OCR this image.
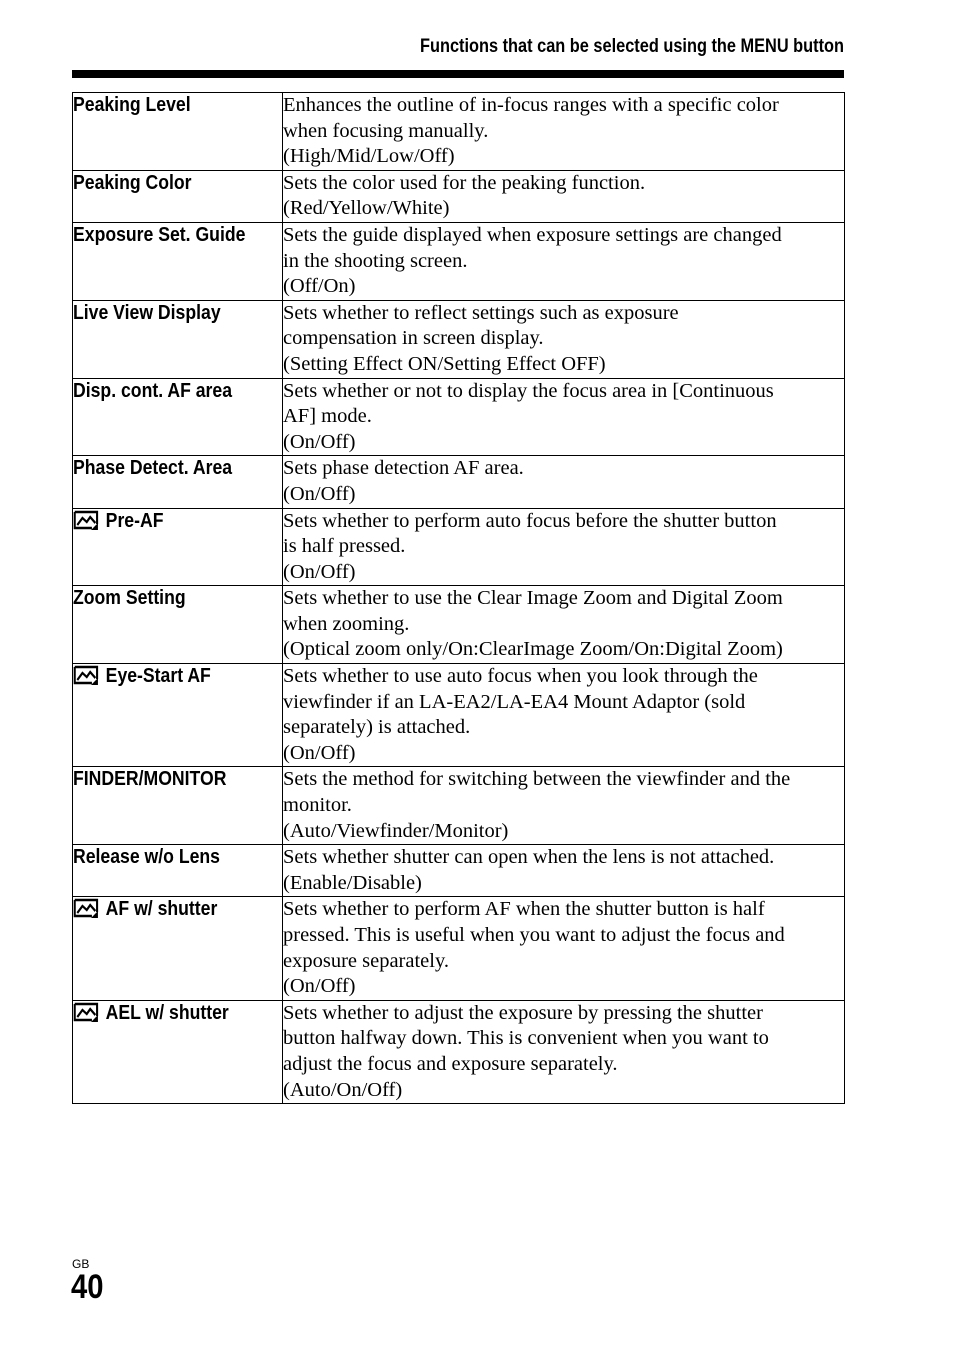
Functions that can be selected using the MENU button
Peaking Level	Enhances the outline of in-focus ranges with a specific color
when focusing manually.
(High/Mid/Low/Off)

Peaking Color	Sets the color used for the peaking function.
(Red/Yellow/White)

Exposure Set. Guide	Sets the guide displayed when exposure settings are changed
in the shooting screen.
(Off/On)

Live View Display	Sets whether to reflect settings such as exposure
compensation in screen display.
(Setting Effect ON/Setting Effect OFF)

Disp. cont. AF area	Sets whether or not to display the focus area in [Continuous
AF] mode.
(On/Off)

Phase Detect. Area	Sets phase detection AF area.
(On/Off)

Pre-AF	Sets whether to perform auto focus before the shutter button
is half pressed.
(On/Off)

Zoom Setting	Sets whether to use the Clear Image Zoom and Digital Zoom
when zooming.
(Optical zoom only/On:ClearImage Zoom/On:Digital Zoom)

Eye-Start AF	Sets whether to use auto focus when you look through the
viewfinder if an LA-EA2/LA-EA4 Mount Adaptor (sold
separately) is attached.
(On/Off)

FINDER/MONITOR	Sets the method for switching between the viewfinder and the
monitor.
(Auto/Viewfinder/Monitor)

Release w/o Lens	Sets whether shutter can open when the lens is not attached.
(Enable/Disable)

AF w/ shutter	Sets whether to perform AF when the shutter button is half
pressed. This is useful when you want to adjust the focus and
exposure separately.
(On/Off)

AEL w/ shutter	Sets whether to adjust the exposure by pressing the shutter
button halfway down. This is convenient when you want to
adjust the focus and exposure separately.
(Auto/On/Off)
GB
40
